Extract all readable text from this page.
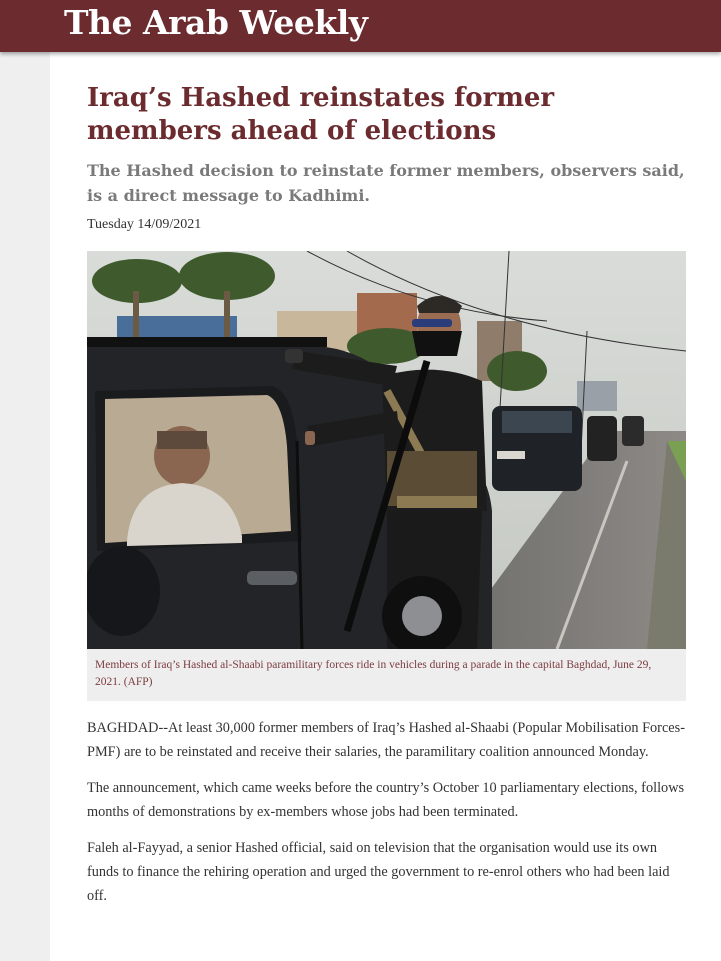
The Arab Weekly
Iraq’s Hashed reinstates former members ahead of elections
The Hashed decision to reinstate former members, observers said, is a direct message to Kadhimi.
Tuesday 14/09/2021
Members of Iraq’s Hashed al-Shaabi paramilitary forces ride in vehicles during a parade in the capital Baghdad, June 29, 2021. (AFP)

BAGHDAD--At least 30,000 former members of Iraq’s Hashed al-Shaabi (Popular Mobilisation Forces-PMF) are to be reinstated and receive their salaries, the paramilitary coalition announced Monday.

The announcement, which came weeks before the country’s October 10 parliamentary elections, follows months of demonstrations by ex-members whose jobs had been terminated.

Faleh al-Fayyad, a senior Hashed official, said on television that the organisation would use its own funds to finance the rehiring operation and urged the government to re-enrol others who had been laid off.
